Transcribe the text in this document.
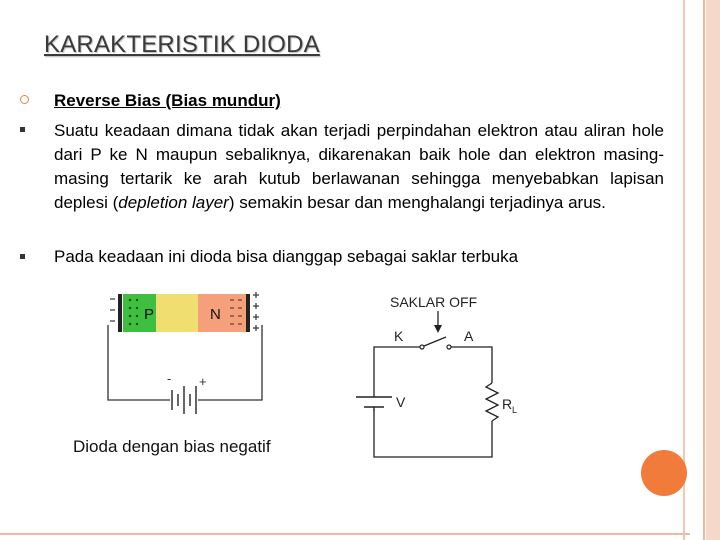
KARAKTERISTIK DIODA
Reverse Bias (Bias mundur)
Suatu keadaan dimana tidak akan terjadi perpindahan elektron atau aliran hole dari P ke N maupun sebaliknya, dikarenakan baik hole dan elektron masing-masing tertarik ke arah kutub berlawanan sehingga menyebabkan lapisan deplesi (depletion layer) semakin besar dan menghalangi terjadinya arus.
Pada keadaan ini dioda bisa dianggap sebagai saklar terbuka
P	N
- +
Dioda dengan bias negatif
SAKLAR OFF
K	A
V	R L
